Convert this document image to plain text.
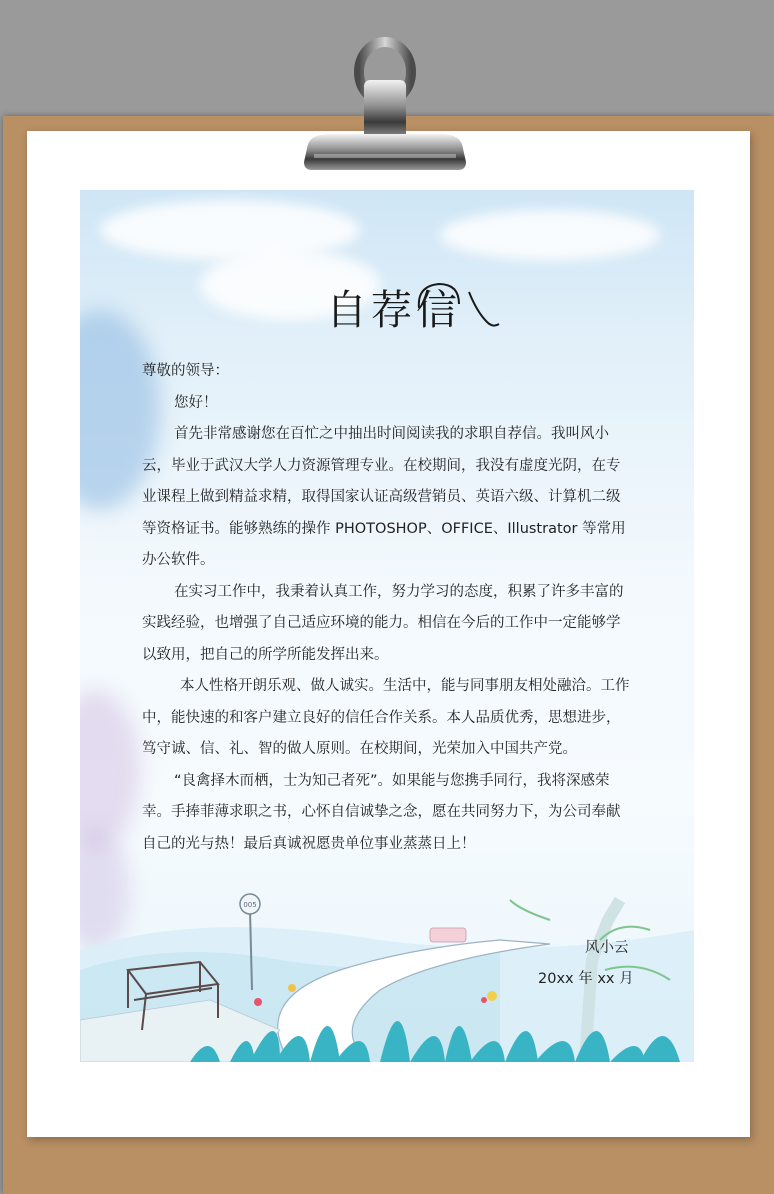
005
自荐信

尊敬的领导：

您好！

首先非常感谢您在百忙之中抽出时间阅读我的求职自荐信。我叫风小云，毕业于武汉大学人力资源管理专业。在校期间，我没有虚度光阴，在专业课程上做到精益求精，取得国家认证高级营销员、英语六级、计算机二级等资格证书。能够熟练的操作 PHOTOSHOP、OFFICE、Illustrator 等常用办公软件。

在实习工作中，我秉着认真工作，努力学习的态度，积累了许多丰富的实践经验，也增强了自己适应环境的能力。相信在今后的工作中一定能够学以致用，把自己的所学所能发挥出来。

本人性格开朗乐观、做人诚实。生活中，能与同事朋友相处融洽。工作中，能快速的和客户建立良好的信任合作关系。本人品质优秀，思想进步，笃守诚、信、礼、智的做人原则。在校期间，光荣加入中国共产党。

“良禽择木而栖，士为知己者死”。如果能与您携手同行，我将深感荣幸。手捧菲薄求职之书，心怀自信诚挚之念，愿在共同努力下，为公司奉献自己的光与热！最后真诚祝愿贵单位事业蒸蒸日上！

风小云
20xx 年 xx 月
